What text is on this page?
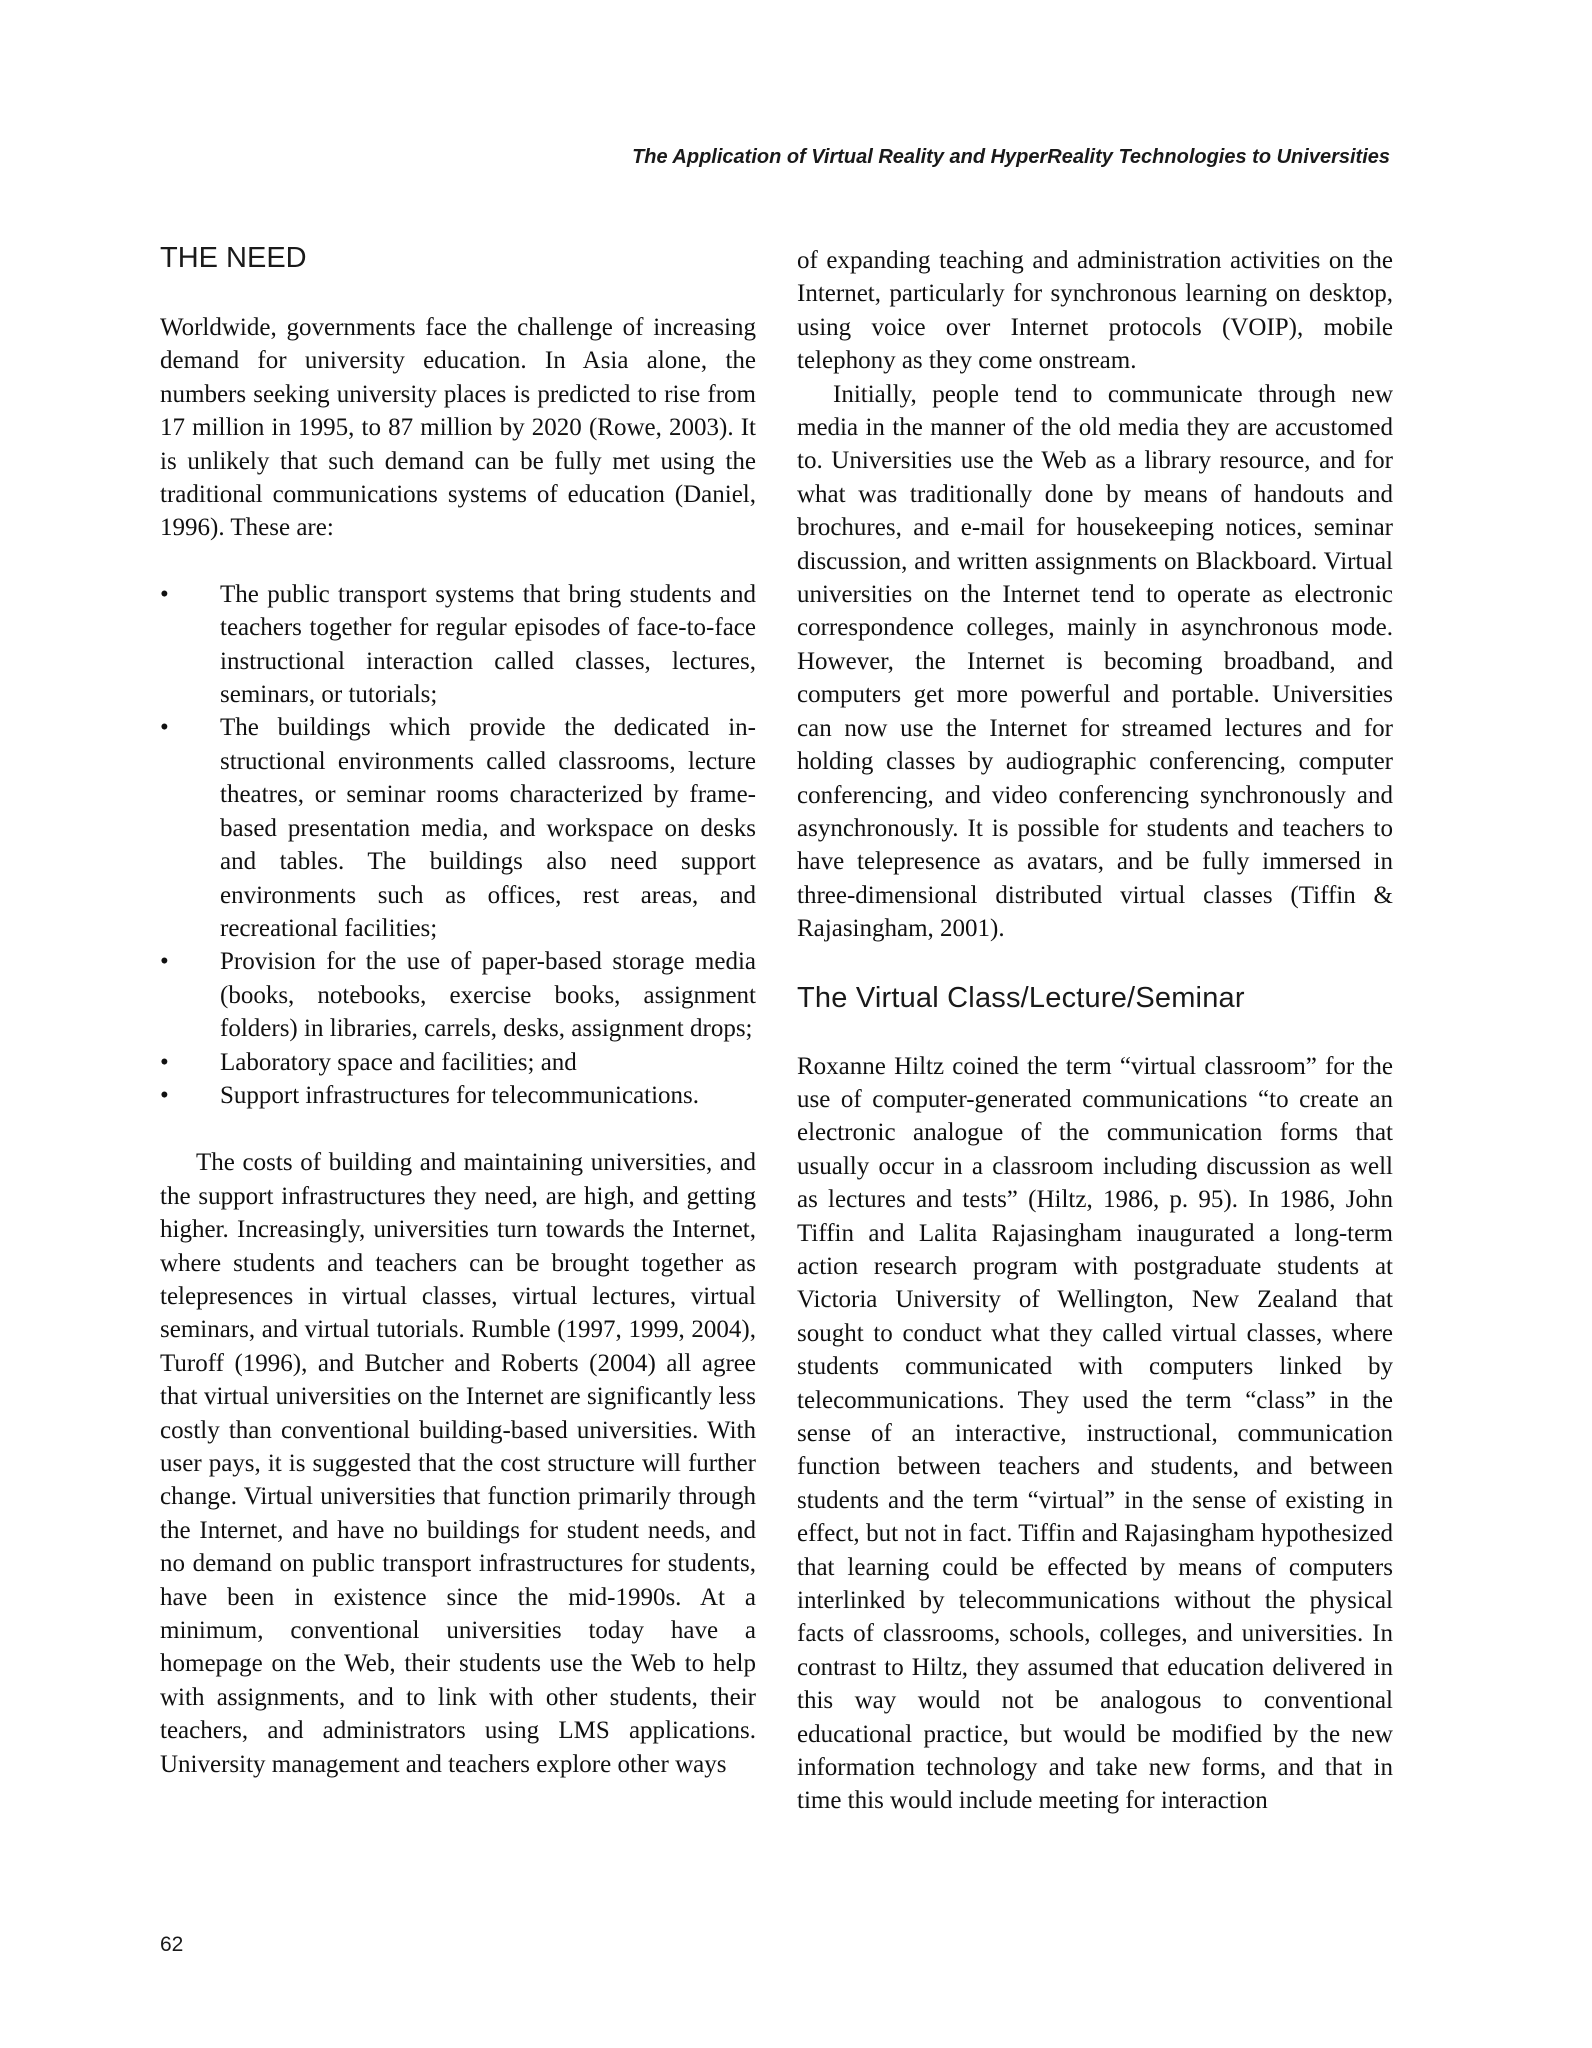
The Application of Virtual Reality and HyperReality Technologies to Universities
THE NEED

Worldwide, governments face the challenge of increasing demand for university education. In Asia alone, the numbers seeking university places is predicted to rise from 17 million in 1995, to 87 million by 2020 (Rowe, 2003). It is unlikely that such demand can be fully met using the traditional communications systems of education (Daniel, 1996). These are:

• The public transport systems that bring students and teachers together for regular episodes of face-to-face instructional interaction called classes, lectures, seminars, or tutorials;
• The buildings which provide the dedicated instructional environments called classrooms, lecture theatres, or seminar rooms characterized by frame-based presentation media, and workspace on desks and tables. The buildings also need support environments such as offices, rest areas, and recreational facilities;
• Provision for the use of paper-based storage media (books, notebooks, exercise books, assignment folders) in libraries, carrels, desks, assignment drops;
• Laboratory space and facilities; and
• Support infrastructures for telecommunications.

The costs of building and maintaining universities, and the support infrastructures they need, are high, and getting higher. Increasingly, universities turn towards the Internet, where students and teachers can be brought together as telepresences in virtual classes, virtual lectures, virtual seminars, and virtual tutorials. Rumble (1997, 1999, 2004), Turoff (1996), and Butcher and Roberts (2004) all agree that virtual universities on the Internet are significantly less costly than conventional building-based universities. With user pays, it is suggested that the cost structure will further change. Virtual universities that function primarily through the Internet, and have no buildings for student needs, and no demand on public transport infrastructures for students, have been in existence since the mid-1990s. At a minimum, conventional universities today have a homepage on the Web, their students use the Web to help with assignments, and to link with other students, their teachers, and administrators using LMS applications. University management and teachers explore other ways

of expanding teaching and administration activities on the Internet, particularly for synchronous learning on desktop, using voice over Internet protocols (VOIP), mobile telephony as they come onstream.

Initially, people tend to communicate through new media in the manner of the old media they are accustomed to. Universities use the Web as a library resource, and for what was traditionally done by means of handouts and brochures, and e-mail for housekeeping notices, seminar discussion, and written assignments on Blackboard. Virtual universities on the Internet tend to operate as electronic correspondence colleges, mainly in asynchronous mode. However, the Internet is becoming broadband, and computers get more powerful and portable. Universities can now use the Internet for streamed lectures and for holding classes by audiographic conferencing, computer conferencing, and video conferencing synchronously and asynchronously. It is possible for students and teachers to have telepresence as avatars, and be fully immersed in three-dimensional distributed virtual classes (Tiffin & Rajasingham, 2001).

The Virtual Class/Lecture/Seminar

Roxanne Hiltz coined the term “virtual classroom” for the use of computer-generated communications “to create an electronic analogue of the communication forms that usually occur in a classroom including discussion as well as lectures and tests” (Hiltz, 1986, p. 95). In 1986, John Tiffin and Lalita Rajasingham inaugurated a long-term action research program with postgraduate students at Victoria University of Wellington, New Zealand that sought to conduct what they called virtual classes, where students communicated with computers linked by telecommunications. They used the term “class” in the sense of an interactive, instructional, communication function between teachers and students, and between students and the term “virtual” in the sense of existing in effect, but not in fact. Tiffin and Rajasingham hypothesized that learning could be effected by means of computers interlinked by telecommunications without the physical facts of classrooms, schools, colleges, and universities. In contrast to Hiltz, they assumed that education delivered in this way would not be analogous to conventional educational practice, but would be modified by the new information technology and take new forms, and that in time this would include meeting for interaction

62
